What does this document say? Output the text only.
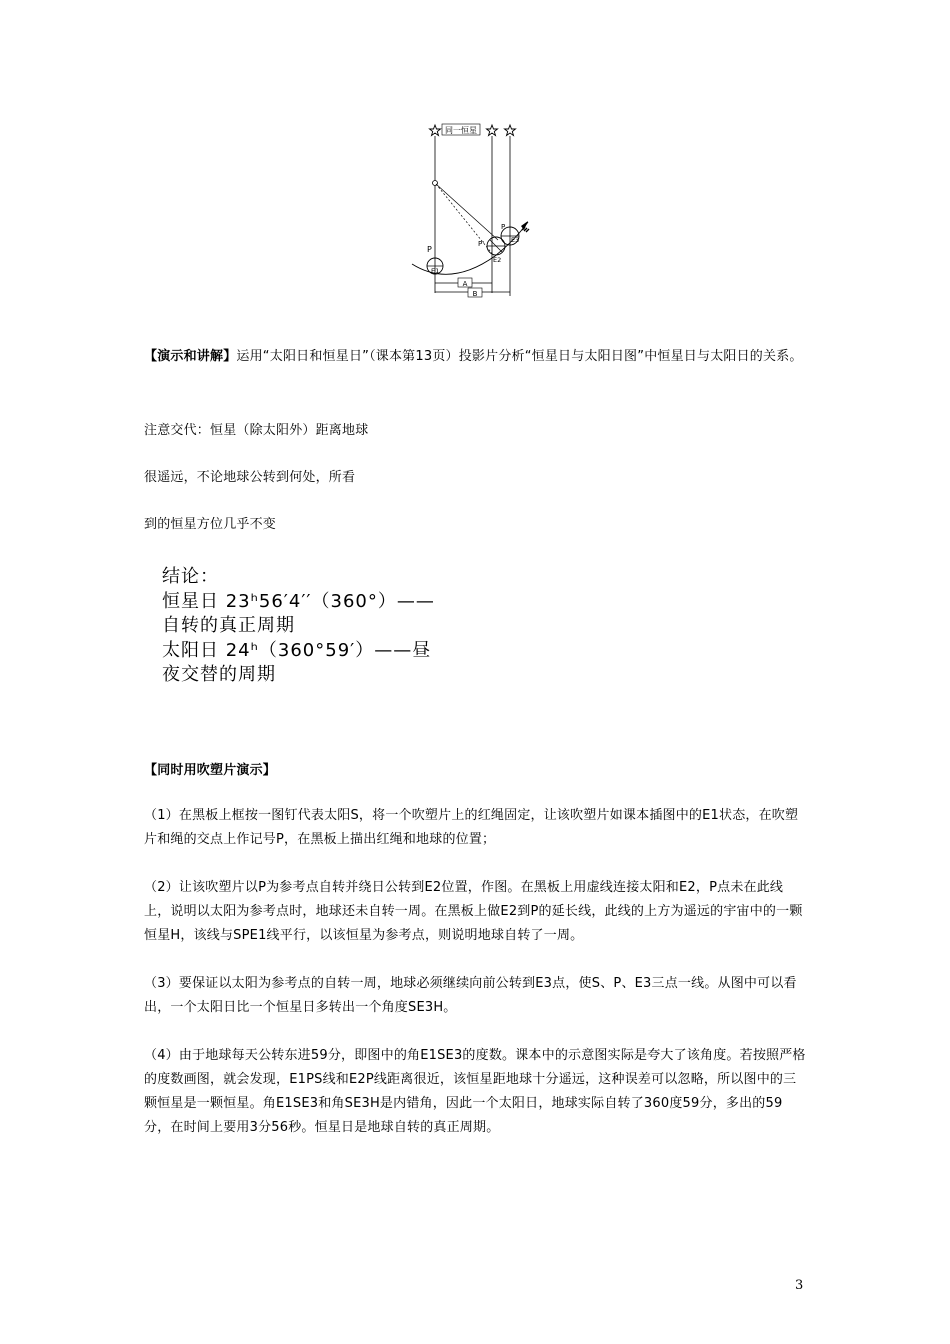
同一恒星
P
P'
P
E1
E2
E3
A
B
【演示和讲解】运用“太阳日和恒星日”（课本第13页）投影片分析“恒星日与太阳日图”中恒星日与太阳日的关系。
注意交代：恒星（除太阳外）距离地球
很遥远，不论地球公转到何处，所看
到的恒星方位几乎不变
结论：
恒星日 23ʰ56′4′′（360°）——
自转的真正周期
太阳日 24ʰ（360°59′）——昼
夜交替的周期
【同时用吹塑片演示】
（1）在黑板上框按一图钉代表太阳S，将一个吹塑片上的红绳固定，让该吹塑片如课本插图中的E1状态，在吹塑片和绳的交点上作记号P，在黑板上描出红绳和地球的位置；
（2）让该吹塑片以P为参考点自转并绕日公转到E2位置，作图。在黑板上用虚线连接太阳和E2，P点未在此线上，说明以太阳为参考点时，地球还未自转一周。在黑板上做E2到P的延长线，此线的上方为遥远的宇宙中的一颗恒星H，该线与SPE1线平行，以该恒星为参考点，则说明地球自转了一周。
（3）要保证以太阳为参考点的自转一周，地球必须继续向前公转到E3点，使S、P、E3三点一线。从图中可以看出，一个太阳日比一个恒星日多转出一个角度SE3H。
（4）由于地球每天公转东进59分，即图中的角E1SE3的度数。课本中的示意图实际是夸大了该角度。若按照严格的度数画图，就会发现，E1PS线和E2P线距离很近，该恒星距地球十分遥远，这种误差可以忽略，所以图中的三颗恒星是一颗恒星。角E1SE3和角SE3H是内错角，因此一个太阳日，地球实际自转了360度59分，多出的59分，在时间上要用3分56秒。恒星日是地球自转的真正周期。
3
